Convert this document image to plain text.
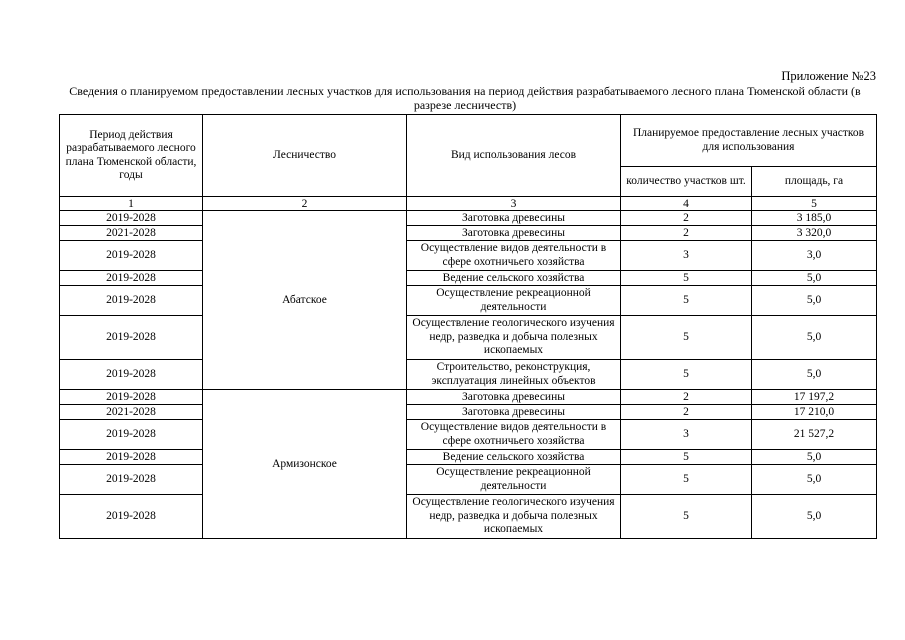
Приложение №23
Сведения о планируемом предоставлении лесных участков для использования на период действия разрабатываемого лесного плана Тюменской области (в разрезе лесничеств)
Период действия разрабатываемого лесного плана Тюменской области, годы	Лесничество	Вид использования лесов	Планируемое предоставление лесных участков для использования	
			количество участков шт.	площадь, га
1	2	3	4	5
2019-2028	Абатское	Заготовка древесины	2	3 185,0
2021-2028		Заготовка древесины	2	3 320,0
2019-2028		Осуществление видов деятельности в сфере охотничьего хозяйства	3	3,0
2019-2028		Ведение сельского хозяйства	5	5,0
2019-2028		Осуществление рекреационной деятельности	5	5,0
2019-2028		Осуществление геологического изучения недр, разведка и добыча полезных ископаемых	5	5,0
2019-2028		Строительство, реконструкция, эксплуатация линейных объектов	5	5,0
2019-2028	Армизонское	Заготовка древесины	2	17 197,2
2021-2028		Заготовка древесины	2	17 210,0
2019-2028		Осуществление видов деятельности в сфере охотничьего хозяйства	3	21 527,2
2019-2028		Ведение сельского хозяйства	5	5,0
2019-2028		Осуществление рекреационной деятельности	5	5,0
2019-2028		Осуществление геологического изучения недр, разведка и добыча полезных ископаемых	5	5,0
